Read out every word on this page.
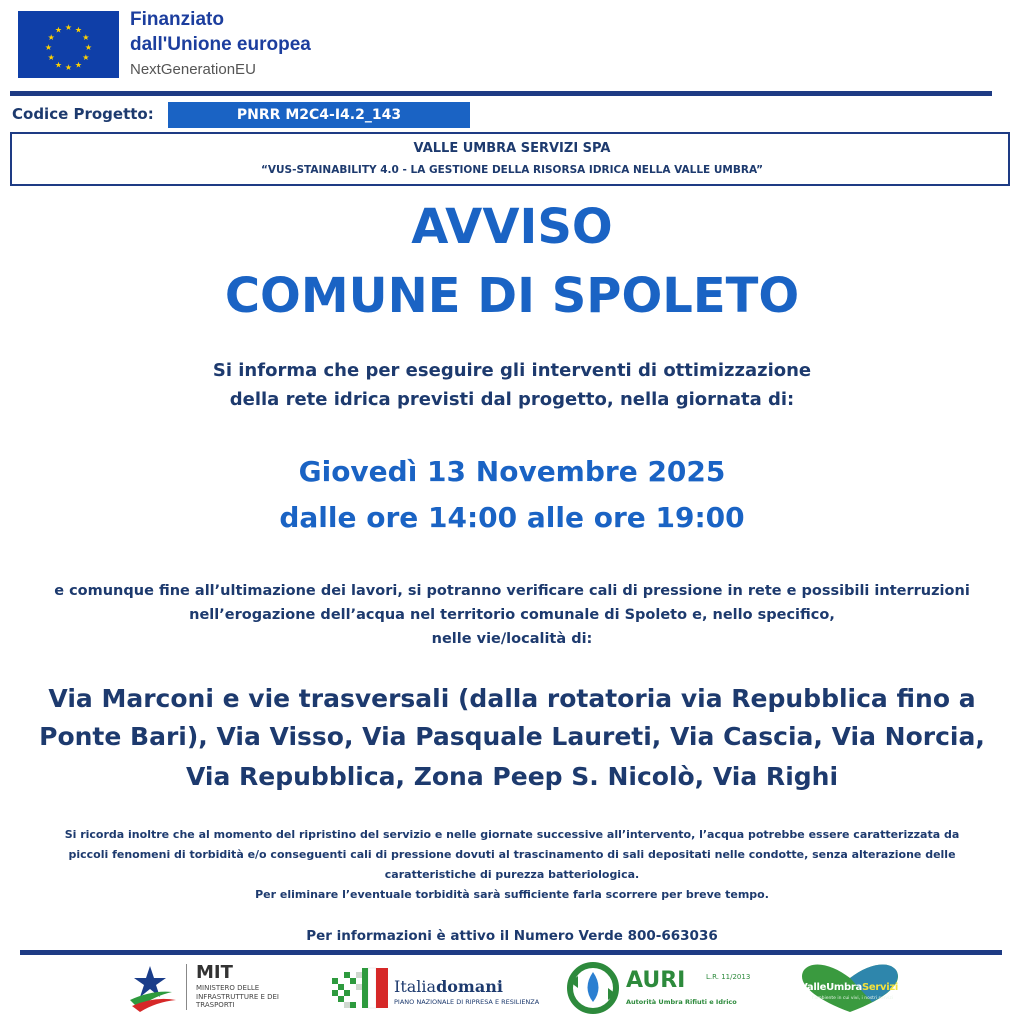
★ ★
★
★
★
★
★
★
★
★
★
★
Finanziato
dall'Unione europea
NextGenerationEU
Codice Progetto:	PNRR M2C4-I4.2_143
VALLE UMBRA SERVIZI SPA
“VUS-STAINABILITY 4.0 - LA GESTIONE DELLA RISORSA IDRICA NELLA VALLE UMBRA”
AVVISO
COMUNE DI SPOLETO
Si informa che per eseguire gli interventi di ottimizzazione
della rete idrica previsti dal progetto, nella giornata di:
Giovedì 13 Novembre 2025
dalle ore 14:00 alle ore 19:00
e comunque fine all’ultimazione dei lavori, si potranno verificare cali di pressione in rete e possibili interruzioni
nell’erogazione dell’acqua nel territorio comunale di Spoleto e, nello specifico,
nelle vie/località di:
Via Marconi e vie trasversali (dalla rotatoria via Repubblica fino a
Ponte Bari), Via Visso, Via Pasquale Laureti, Via Cascia, Via Norcia,
Via Repubblica, Zona Peep S. Nicolò, Via Righi
Si ricorda inoltre che al momento del ripristino del servizio e nelle giornate successive all’intervento, l’acqua potrebbe essere caratterizzata da
piccoli fenomeni di torbidità e/o conseguenti cali di pressione dovuti al trascinamento di sali depositati nelle condotte, senza alterazione delle
caratteristiche di purezza batteriologica.
Per eliminare l’eventuale torbidità sarà sufficiente farla scorrere per breve tempo.
Per informazioni è attivo il Numero Verde 800-663036
MIT
MINISTERO DELLE INFRASTRUTTURE E DEI TRASPORTI
Italiadomani
PIANO NAZIONALE DI RIPRESA E RESILIENZA
AURI	L.R. 11/2013
Autorità Umbra Rifiuti e Idrico
ValleUmbraServizi
l'ambiente in cui vivi, i nostri servizi
